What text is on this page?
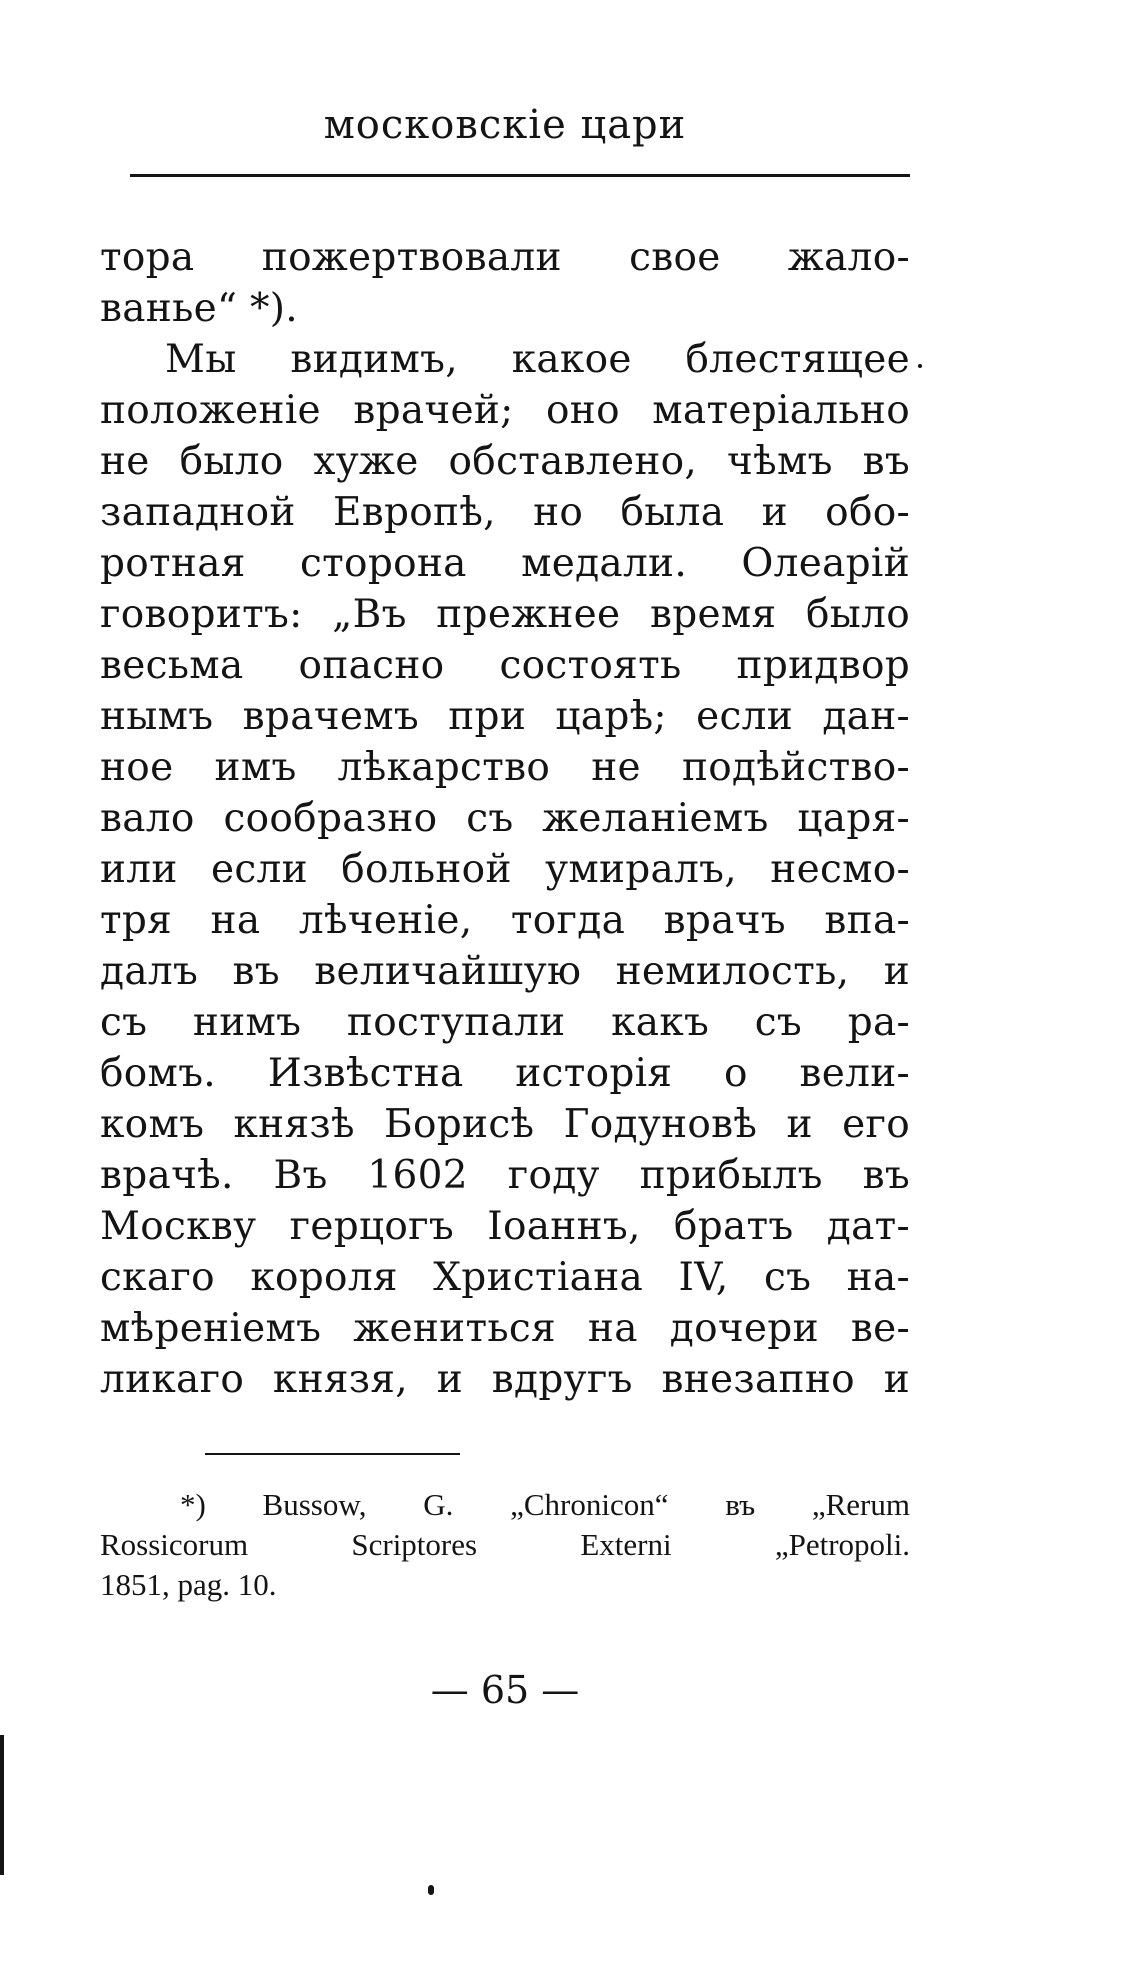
московскіе цари
тора пожертвовали свое жало-
ванье“ *).
Мы видимъ, какое блестящее
положеніе врачей; оно матеріально
не было хуже обставлено, чѣмъ въ
западной Европѣ, но была и обо-
ротная сторона медали. Олеарій
говоритъ: „Въ прежнее время было
весьма опасно состоять придвор
нымъ врачемъ при царѣ; если дан-
ное имъ лѣкарство не подѣйство-
вало сообразно съ желаніемъ царя-
или если больной умиралъ, несмо-
тря на лѣченіе, тогда врачъ впа-
далъ въ величайшую немилость, и
съ нимъ поступали какъ съ ра-
бомъ. Извѣстна исторія о вели-
комъ князѣ Борисѣ Годуновѣ и его
врачѣ. Въ 1602 году прибылъ въ
Москву герцогъ Іоаннъ, братъ дат-
скаго короля Христіана IV, съ на-
мѣреніемъ жениться на дочери ве-
ликаго князя, и вдругъ внезапно и
*) Bussow, G. „Chronicon“ въ „Rerum
Rossicorum Scriptores Externi „Petropoli.
1851, pag. 10.
— 65 —
